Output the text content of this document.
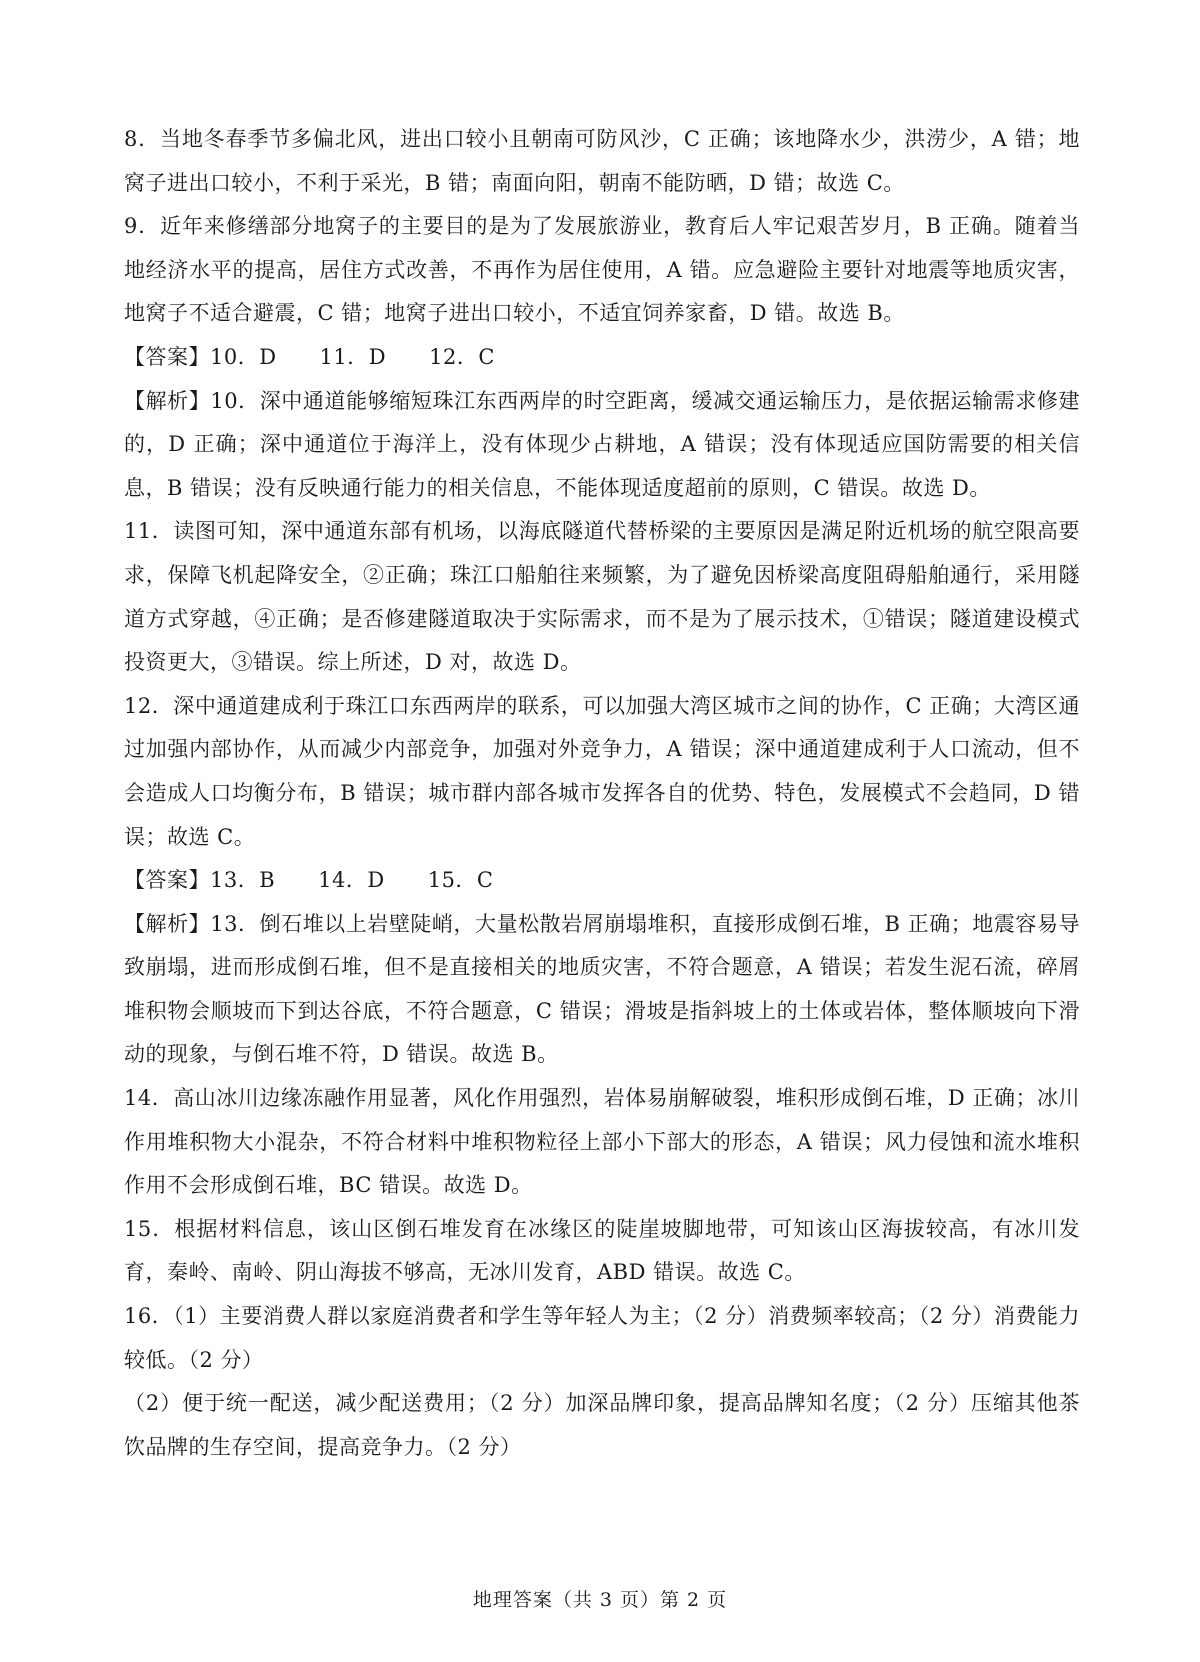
8．当地冬春季节多偏北风，进出口较小且朝南可防风沙，C 正确；该地降水少，洪涝少，A 错；地窝子进出口较小，不利于采光，B 错；南面向阳，朝南不能防晒，D 错；故选 C。

9．近年来修缮部分地窝子的主要目的是为了发展旅游业，教育后人牢记艰苦岁月，B 正确。随着当地经济水平的提高，居住方式改善，不再作为居住使用，A 错。应急避险主要针对地震等地质灾害，地窝子不适合避震，C 错；地窝子进出口较小，不适宜饲养家畜，D 错。故选 B。

【答案】10．D　　11．D　　12．C

【解析】10．深中通道能够缩短珠江东西两岸的时空距离，缓减交通运输压力，是依据运输需求修建的，D 正确；深中通道位于海洋上，没有体现少占耕地，A 错误；没有体现适应国防需要的相关信息，B 错误；没有反映通行能力的相关信息，不能体现适度超前的原则，C 错误。故选 D。

11．读图可知，深中通道东部有机场，以海底隧道代替桥梁的主要原因是满足附近机场的航空限高要求，保障飞机起降安全，②正确；珠江口船舶往来频繁，为了避免因桥梁高度阻碍船舶通行，采用隧道方式穿越，④正确；是否修建隧道取决于实际需求，而不是为了展示技术，①错误；隧道建设模式投资更大，③错误。综上所述，D 对，故选 D。

12．深中通道建成利于珠江口东西两岸的联系，可以加强大湾区城市之间的协作，C 正确；大湾区通过加强内部协作，从而减少内部竞争，加强对外竞争力，A 错误；深中通道建成利于人口流动，但不会造成人口均衡分布，B 错误；城市群内部各城市发挥各自的优势、特色，发展模式不会趋同，D 错误；故选 C。

【答案】13．B　　14．D　　15．C

【解析】13．倒石堆以上岩壁陡峭，大量松散岩屑崩塌堆积，直接形成倒石堆，B 正确；地震容易导致崩塌，进而形成倒石堆，但不是直接相关的地质灾害，不符合题意，A 错误；若发生泥石流，碎屑堆积物会顺坡而下到达谷底，不符合题意，C 错误；滑坡是指斜坡上的土体或岩体，整体顺坡向下滑动的现象，与倒石堆不符，D 错误。故选 B。

14．高山冰川边缘冻融作用显著，风化作用强烈，岩体易崩解破裂，堆积形成倒石堆，D 正确；冰川作用堆积物大小混杂，不符合材料中堆积物粒径上部小下部大的形态，A 错误；风力侵蚀和流水堆积作用不会形成倒石堆，BC 错误。故选 D。

15．根据材料信息，该山区倒石堆发育在冰缘区的陡崖坡脚地带，可知该山区海拔较高，有冰川发育，秦岭、南岭、阴山海拔不够高，无冰川发育，ABD 错误。故选 C。

16．（1）主要消费人群以家庭消费者和学生等年轻人为主；（2 分）消费频率较高；（2 分）消费能力较低。（2 分）

（2）便于统一配送，减少配送费用；（2 分）加深品牌印象，提高品牌知名度；（2 分）压缩其他茶饮品牌的生存空间，提高竞争力。（2 分）

地理答案（共 3 页）第 2 页
